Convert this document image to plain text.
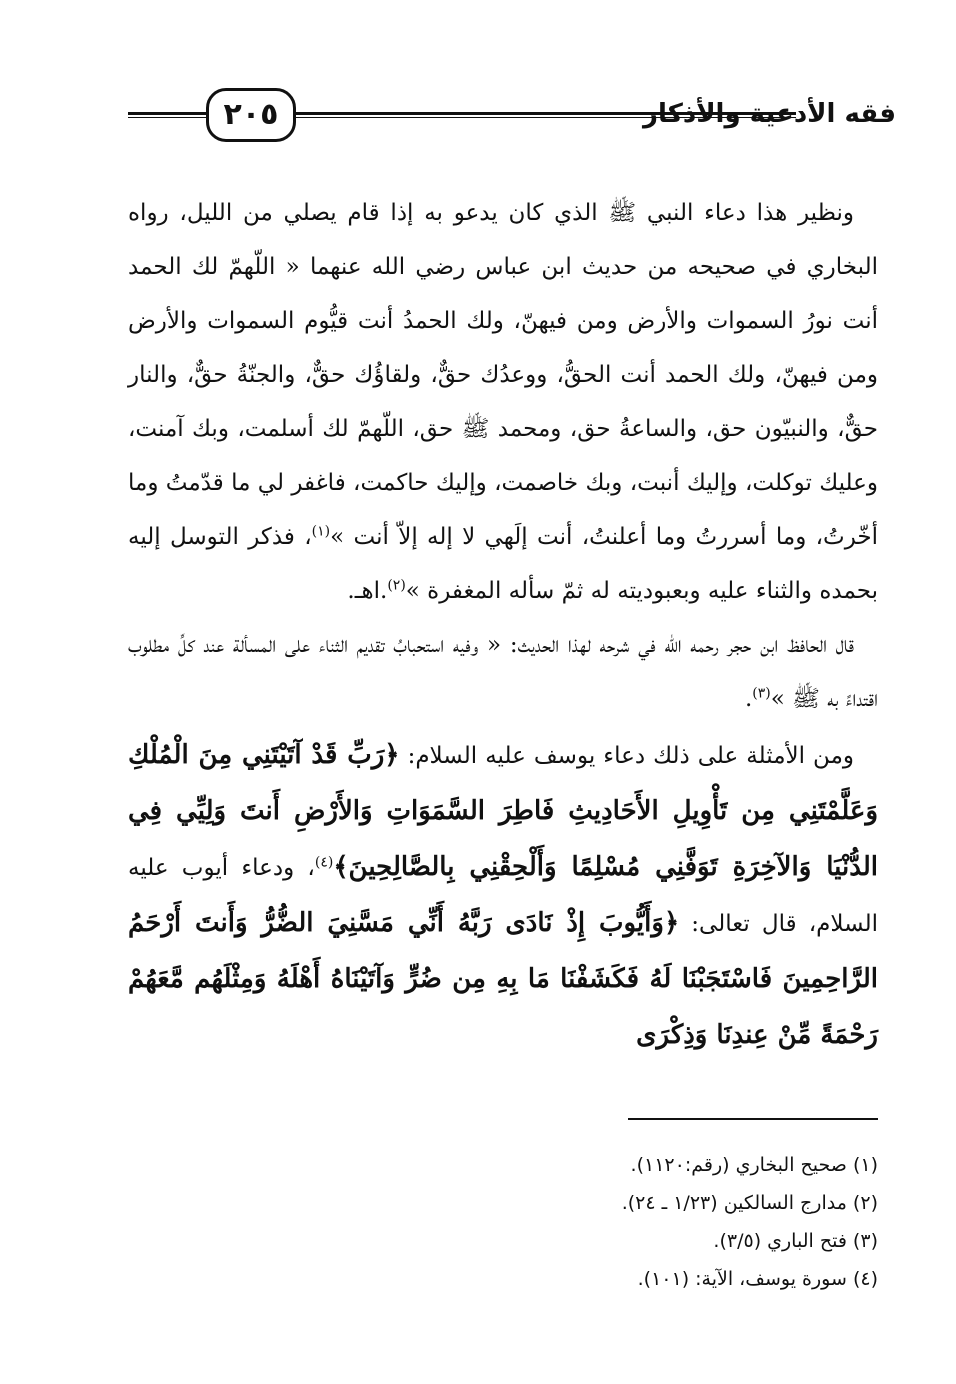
٢٠٥	فقه الأدعية والأذكار

ونظير هذا دعاء النبي ﷺ الذي كان يدعو به إذا قام يصلي من الليل، رواه البخاري في صحيحه من حديث ابن عباس رضي الله عنهما « اللّهمّ لك الحمد أنت نورُ السموات والأرض ومن فيهنّ، ولك الحمدُ أنت قيُّوم السموات والأرض ومن فيهنّ، ولك الحمد أنت الحقُّ، ووعدُك حقٌّ، ولقاؤُك حقٌّ، والجنّةُ حقٌّ، والنار حقٌّ، والنبيّون حق، والساعةُ حق، ومحمد ﷺ حق، اللّهمّ لك أسلمت، وبك آمنت، وعليك توكلت، وإليك أنبت، وبك خاصمت، وإليك حاكمت، فاغفر لي ما قدّمتُ وما أخّرتُ، وما أسررتُ وما أعلنتُ، أنت إلَهي لا إله إلاّ أنت »$^{(١)}$، فذكر التوسل إليه بحمده والثناء عليه وبعبوديته له ثمّ سأله المغفرة »$^{(٢)}$.اهـ.

قال الحافظ ابن حجر رحمه الله في شرحه لهذا الحديث: « وفيه استحبابُ تقديم الثناء على المسألة عند كلِّ مطلوب اقتداءً به ﷺ »$^{(٣)}$.

ومن الأمثلة على ذلك دعاء يوسف عليه السلام: ﴿رَبِّ قَدْ آتَيْتَنِي مِنَ الْمُلْكِ وَعَلَّمْتَنِي مِن تَأْوِيلِ الأَحَادِيثِ فَاطِرَ السَّمَوَاتِ وَالأَرْضِ أَنتَ وَلِيِّي فِي الدُّنْيَا وَالآخِرَةِ تَوَفَّنِي مُسْلِمًا وَأَلْحِقْنِي بِالصَّالِحِينَ﴾$^{(٤)}$، ودعاء أيوب عليه السلام، قال تعالى: ﴿وَأَيُّوبَ إِذْ نَادَى رَبَّهُ أَنِّي مَسَّنِيَ الضُّرُّ وَأَنتَ أَرْحَمُ الرَّاحِمِينَ فَاسْتَجَبْنَا لَهُ فَكَشَفْنَا مَا بِهِ مِن ضُرٍّ وَآتَيْنَاهُ أَهْلَهُ وَمِثْلَهُم مَّعَهُمْ رَحْمَةً مِّنْ عِندِنَا وَذِكْرَى

(١) صحيح البخاري (رقم:١١٢٠).

(٢) مدارج السالكين (١/٢٣ ـ ٢٤).

(٣) فتح الباري (٣/٥).

(٤) سورة يوسف، الآية: (١٠١).
